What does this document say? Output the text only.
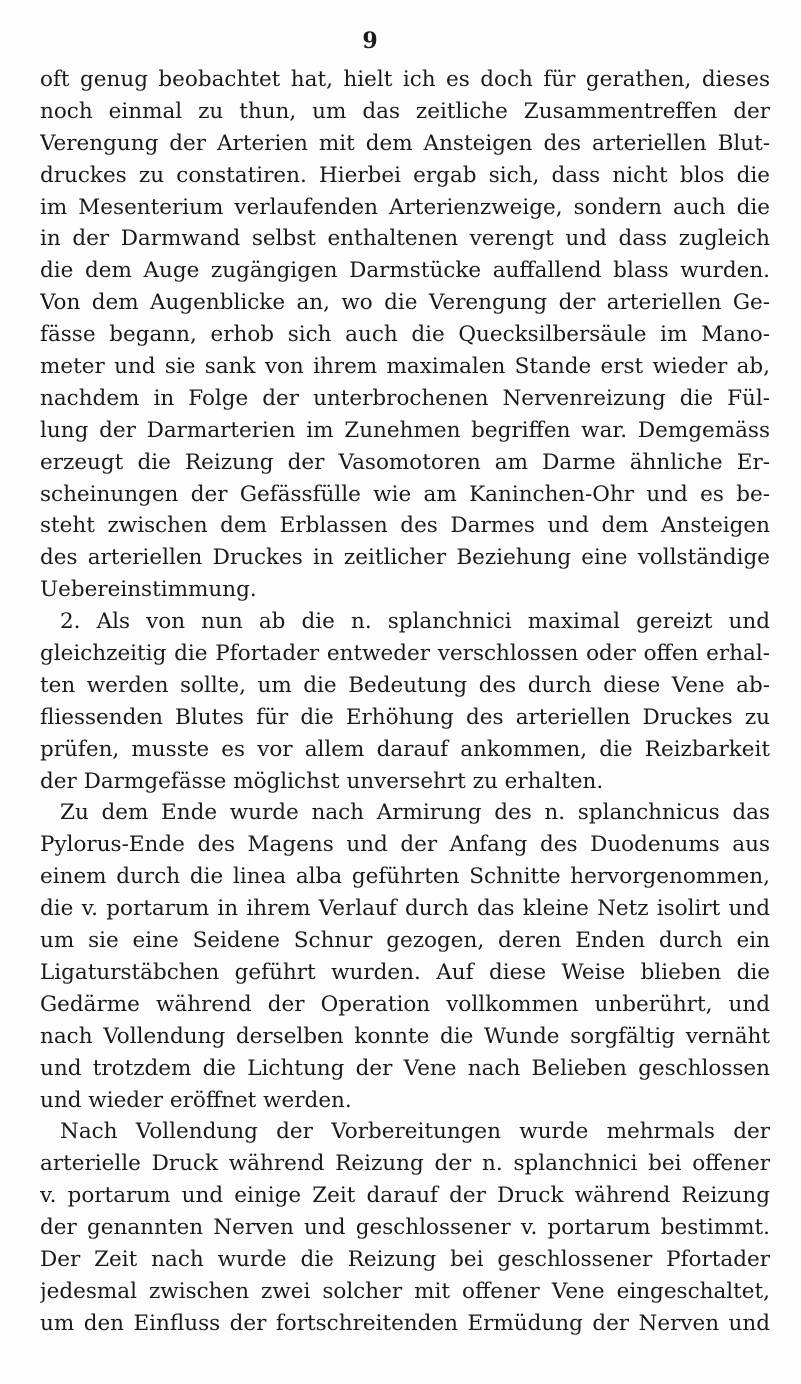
9
oft genug beobachtet hat, hielt ich es doch für gerathen, dieses
noch einmal zu thun, um das zeitliche Zusammentreffen der
Verengung der Arterien mit dem Ansteigen des arteriellen Blut-
druckes zu constatiren. Hierbei ergab sich, dass nicht blos die
im Mesenterium verlaufenden Arterienzweige, sondern auch die
in der Darmwand selbst enthaltenen verengt und dass zugleich
die dem Auge zugängigen Darmstücke auffallend blass wurden.
Von dem Augenblicke an, wo die Verengung der arteriellen Ge-
fässe begann, erhob sich auch die Quecksilbersäule im Mano-
meter und sie sank von ihrem maximalen Stande erst wieder ab,
nachdem in Folge der unterbrochenen Nervenreizung die Fül-
lung der Darmarterien im Zunehmen begriffen war. Demgemäss
erzeugt die Reizung der Vasomotoren am Darme ähnliche Er-
scheinungen der Gefässfülle wie am Kaninchen-Ohr und es be-
steht zwischen dem Erblassen des Darmes und dem Ansteigen
des arteriellen Druckes in zeitlicher Beziehung eine vollständige
Uebereinstimmung.
2. Als von nun ab die n. splanchnici maximal gereizt und
gleichzeitig die Pfortader entweder verschlossen oder offen erhal-
ten werden sollte, um die Bedeutung des durch diese Vene ab-
fliessenden Blutes für die Erhöhung des arteriellen Druckes zu
prüfen, musste es vor allem darauf ankommen, die Reizbarkeit
der Darmgefässe möglichst unversehrt zu erhalten.
Zu dem Ende wurde nach Armirung des n. splanchnicus das
Pylorus-Ende des Magens und der Anfang des Duodenums aus
einem durch die linea alba geführten Schnitte hervorgenommen,
die v. portarum in ihrem Verlauf durch das kleine Netz isolirt und
um sie eine Seidene Schnur gezogen, deren Enden durch ein
Ligaturstäbchen geführt wurden. Auf diese Weise blieben die
Gedärme während der Operation vollkommen unberührt, und
nach Vollendung derselben konnte die Wunde sorgfältig vernäht
und trotzdem die Lichtung der Vene nach Belieben geschlossen
und wieder eröffnet werden.
Nach Vollendung der Vorbereitungen wurde mehrmals der
arterielle Druck während Reizung der n. splanchnici bei offener
v. portarum und einige Zeit darauf der Druck während Reizung
der genannten Nerven und geschlossener v. portarum bestimmt.
Der Zeit nach wurde die Reizung bei geschlossener Pfortader
jedesmal zwischen zwei solcher mit offener Vene eingeschaltet,
um den Einfluss der fortschreitenden Ermüdung der Nerven und
